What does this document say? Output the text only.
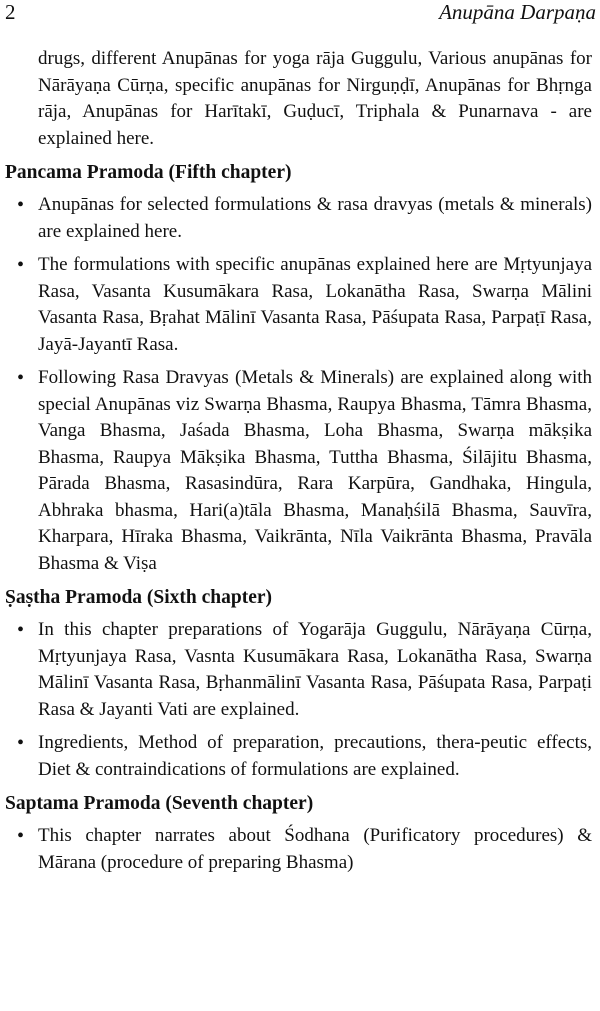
2	Anupāna Darpaṇa

drugs, different Anupānas for yoga rāja Guggulu, Various anupānas for Nārāyaṇa Cūrṇa, specific anupānas for Nirguṇḍī, Anupānas for Bhṛnga rāja, Anupānas for Harītakī, Guḍucī, Triphala & Punarnava - are explained here.

Pancama Pramoda (Fifth chapter)
• Anupānas for selected formulations & rasa dravyas (metals & minerals) are explained here.
• The formulations with specific anupānas explained here are Mṛtyunjaya Rasa, Vasanta Kusumākara Rasa, Lokanātha Rasa, Swarṇa Mālini Vasanta Rasa, Bṛahat Mālinī Vasanta Rasa, Pāśupata Rasa, Parpaṭī Rasa, Jayā-Jayantī Rasa.
• Following Rasa Dravyas (Metals & Minerals) are explained along with special Anupānas viz Swarṇa Bhasma, Raupya Bhasma, Tāmra Bhasma, Vanga Bhasma, Jaśada Bhasma, Loha Bhasma, Swarṇa mākṣika Bhasma, Raupya Mākṣika Bhasma, Tuttha Bhasma, Śilājitu Bhasma, Pārada Bhasma, Rasasindūra, Rara Karpūra, Gandhaka, Hingula, Abhraka bhasma, Hari(a)tāla Bhasma, Manaḥśilā Bhasma, Sauvīra, Kharpara, Hīraka Bhasma, Vaikrānta, Nīla Vaikrānta Bhasma, Pravāla Bhasma & Viṣa
Ṣaṣtha Pramoda (Sixth chapter)
• In this chapter preparations of Yogarāja Guggulu, Nārāyaṇa Cūrṇa, Mṛtyunjaya Rasa, Vasnta Kusumākara Rasa, Lokanātha Rasa, Swarṇa Mālinī Vasanta Rasa, Bṛhanmālinī Vasanta Rasa, Pāśupata Rasa, Parpaṭi Rasa & Jayanti Vati are explained.
• Ingredients, Method of preparation, precautions, thera-peutic effects, Diet & contraindications of formulations are explained.
Saptama Pramoda (Seventh chapter)
• This chapter narrates about Śodhana (Purificatory procedures) & Mārana (procedure of preparing Bhasma)
